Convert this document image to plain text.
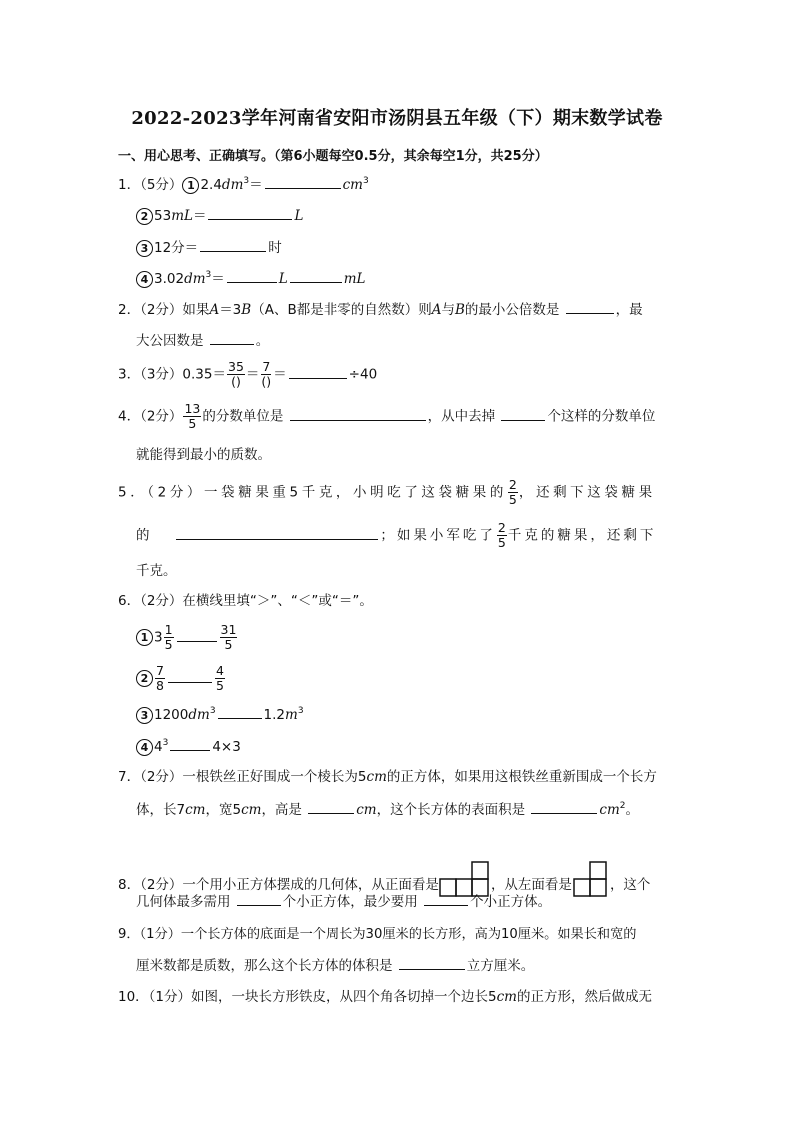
2022-2023学年河南省安阳市汤阴县五年级（下）期末数学试卷
一、用心思考、正确填写。（第6小题每空0.5分，其余每空1分，共25分）
1．（5分） 1 $2.4dm^3=$	$cm^3$
2 53mL＝	L
3 12分＝	时
4 $3.02dm^3=$	L	mL
2．（2分）如果A＝3B（A、B都是非零的自然数）则A与B的最小公倍数是	，最
大公因数是	。
3．（3分）$0.35= \frac{35}{()} = \frac{7}{()}$ ＝	÷40
4．（2分） $\frac{13}{5}$ 的分数单位是	，从中去掉	个这样的分数单位
就能得到最小的质数。
5．（2分）一袋糖果重5千克，小明吃了这袋糖果的 $\frac{2}{5}$ ，还剩下这袋糖果
的	；如果小军吃了 $\frac{2}{5}$ 千克的糖果，还剩下
千克。
6．（2分）在横线里填“＞”、“＜”或“＝”。
1 $3 \frac{1}{5}$	$\frac{31}{5}$
$2 \frac{7}{8}$	$\frac{4}{5}$
3 $1200dm^3$	$1.2m^3$
4 $4^3$	4×3
7．（2分）一根铁丝正好围成一个棱长为5cm的正方体，如果用这根铁丝重新围成一个长方
体，长7cm，宽5cm，高是	cm，这个长方体的表面积是	$cm^2$。
8．（2分）一个用小正方体摆成的几何体，从正面看是	，从左面看是	，这个
几何体最多需用	个小正方体，最少要用	个小正方体。
9．（1分）一个长方体的底面是一个周长为30厘米的长方形，高为10厘米。如果长和宽的
厘米数都是质数，那么这个长方体的体积是	立方厘米。
10．（1分）如图，一块长方形铁皮，从四个角各切掉一个边长5cm的正方形，然后做成无
